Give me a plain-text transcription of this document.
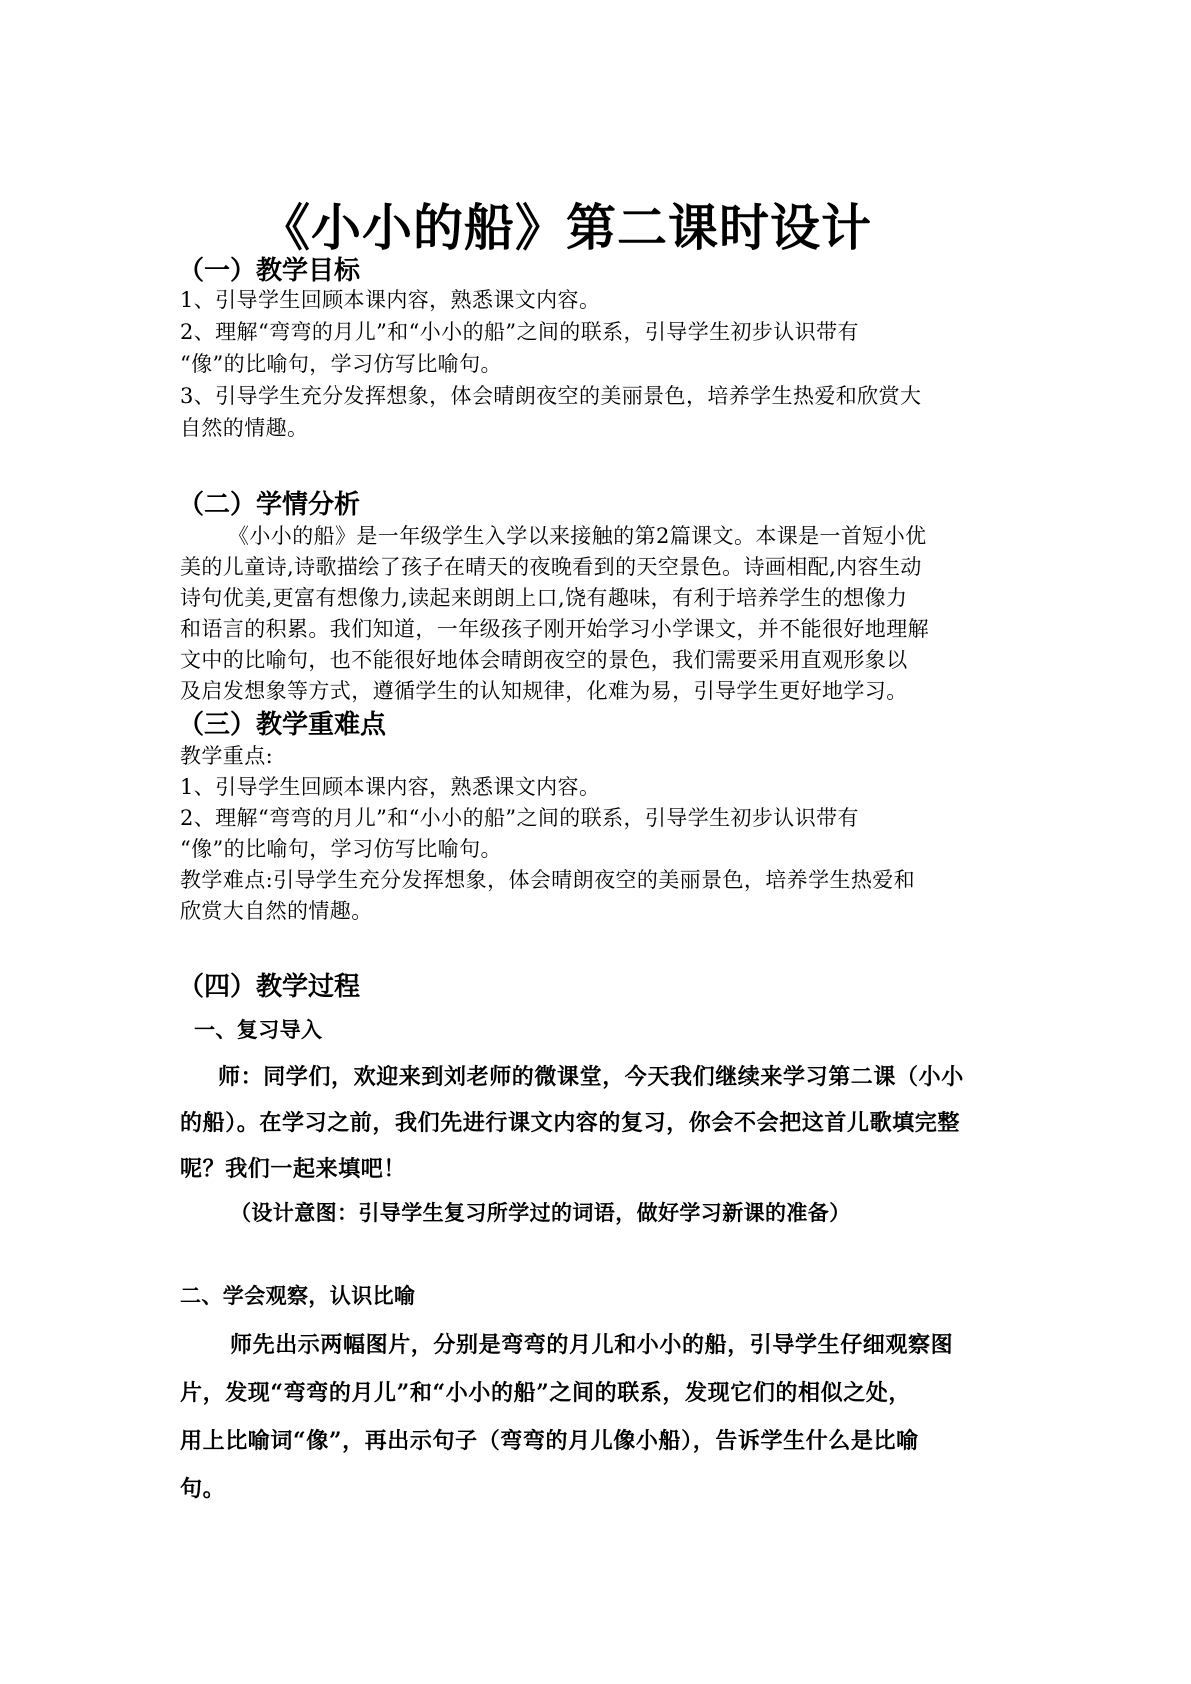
《小小的船》第二课时设计
（一）教学目标
1、引导学生回顾本课内容，熟悉课文内容。
2、理解“弯弯的月儿”和“小小的船”之间的联系，引导学生初步认识带有
“像”的比喻句，学习仿写比喻句。
3、引导学生充分发挥想象，体会晴朗夜空的美丽景色，培养学生热爱和欣赏大
自然的情趣。
（二）学情分析
《小小的船》是一年级学生入学以来接触的第2篇课文。本课是一首短小优
美的儿童诗,诗歌描绘了孩子在晴天的夜晚看到的天空景色。诗画相配,内容生动
诗句优美,更富有想像力,读起来朗朗上口,饶有趣味，有利于培养学生的想像力
和语言的积累。我们知道，一年级孩子刚开始学习小学课文，并不能很好地理解
文中的比喻句，也不能很好地体会晴朗夜空的景色，我们需要采用直观形象以
及启发想象等方式，遵循学生的认知规律，化难为易，引导学生更好地学习。
（三）教学重难点
教学重点:
1、引导学生回顾本课内容，熟悉课文内容。
2、理解“弯弯的月儿”和“小小的船”之间的联系，引导学生初步认识带有
“像”的比喻句，学习仿写比喻句。
教学难点:引导学生充分发挥想象，体会晴朗夜空的美丽景色，培养学生热爱和
欣赏大自然的情趣。
（四）教学过程
一、复习导入
师：同学们，欢迎来到刘老师的微课堂，今天我们继续来学习第二课（小小
的船）。在学习之前，我们先进行课文内容的复习，你会不会把这首儿歌填完整
呢？我们一起来填吧！
（设计意图：引导学生复习所学过的词语，做好学习新课的准备）
二、学会观察，认识比喻
师先出示两幅图片，分别是弯弯的月儿和小小的船，引导学生仔细观察图
片，发现“弯弯的月儿”和“小小的船”之间的联系，发现它们的相似之处，
用上比喻词“像”，再出示句子（弯弯的月儿像小船），告诉学生什么是比喻
句。
